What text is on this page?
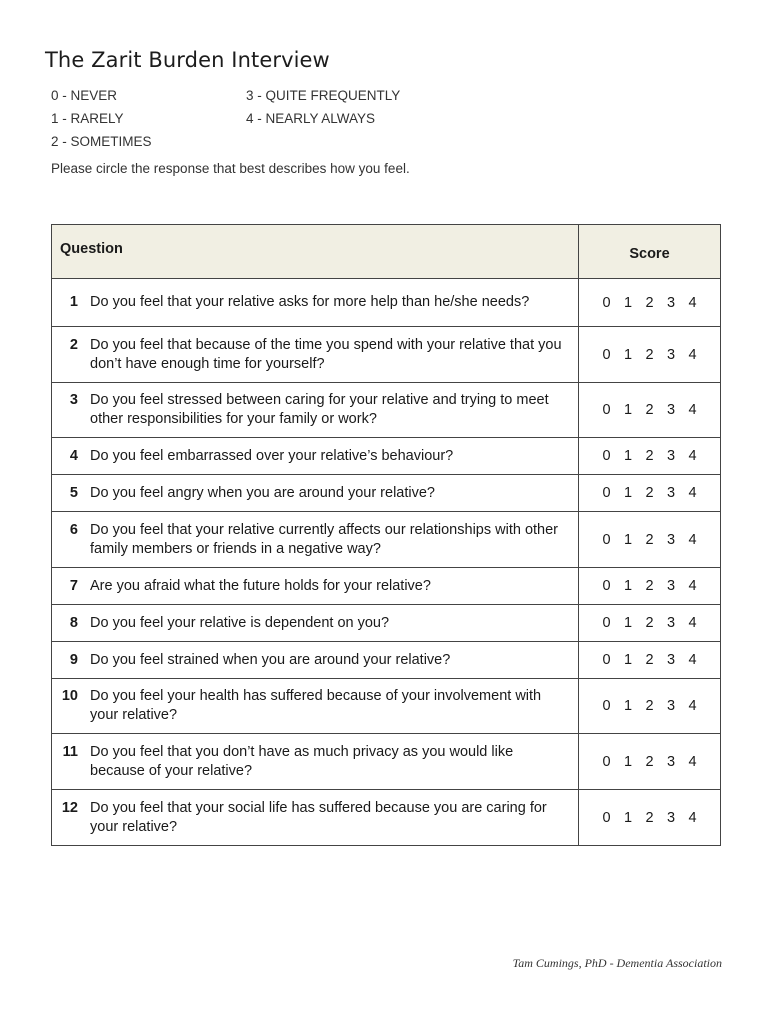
The Zarit Burden Interview
0 - NEVER
1 - RARELY
2 - SOMETIMES
3 - QUITE FREQUENTLY
4 - NEARLY ALWAYS
Please circle the response that best describes how you feel.
Question	Score

1 Do you feel that your relative asks for more help than he/she needs?	0 1 2 3 4

2 Do you feel that because of the time you spend with your relative that you don’t have enough time for yourself?	0 1 2 3 4

3 Do you feel stressed between caring for your relative and trying to meet other responsibilities for your family or work?	0 1 2 3 4

4 Do you feel embarrassed over your relative’s behaviour?	0 1 2 3 4

5 Do you feel angry when you are around your relative?	0 1 2 3 4

6 Do you feel that your relative currently affects our relationships with other family members or friends in a negative way?	0 1 2 3 4

7 Are you afraid what the future holds for your relative?	0 1 2 3 4

8 Do you feel your relative is dependent on you?	0 1 2 3 4

9 Do you feel strained when you are around your relative?	0 1 2 3 4

10 Do you feel your health has suffered because of your involvement with your relative?	0 1 2 3 4

11 Do you feel that you don’t have as much privacy as you would like because of your relative?	0 1 2 3 4

12 Do you feel that your social life has suffered because you are caring for your relative?	0 1 2 3 4
Tam Cumings, PhD - Dementia Association
